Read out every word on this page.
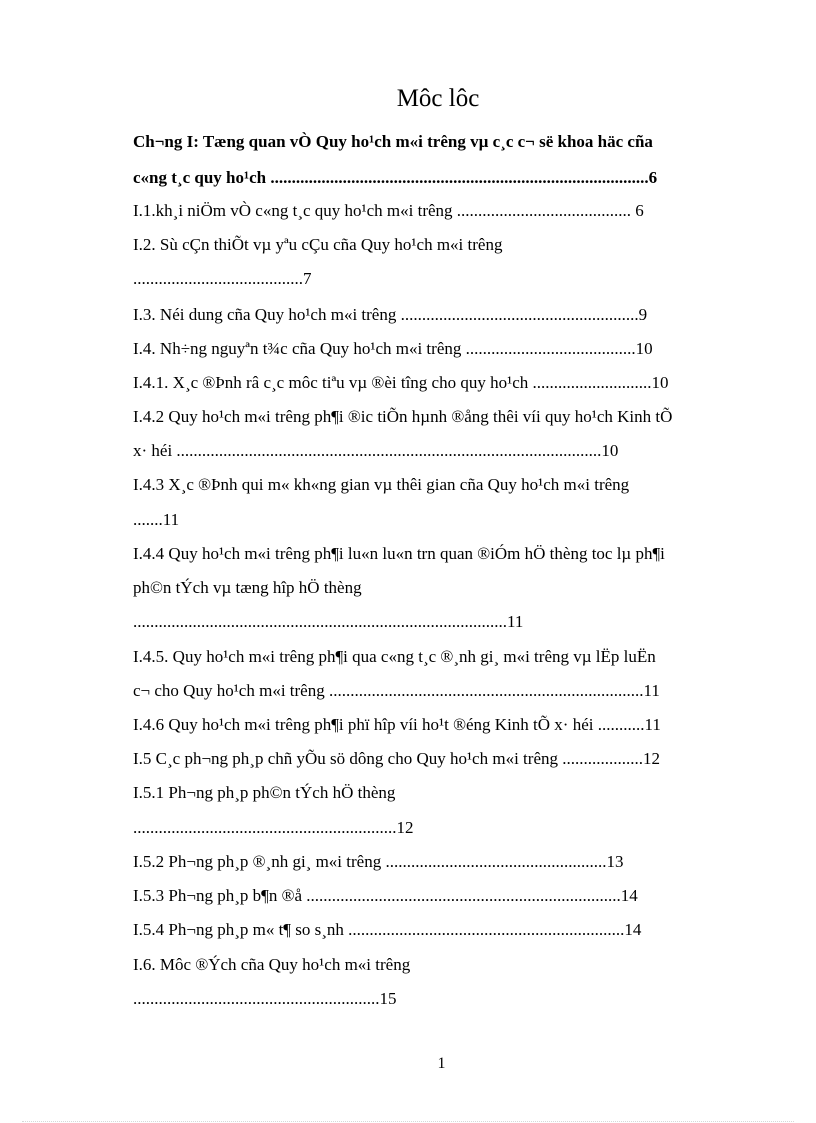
Môc lôc
Ch¬ng I: Tæng quan vÒ Quy ho¹ch m«i trêng vµ c¸c c¬ së khoa häc cña
c«ng t¸c quy ho¹ch .........................................................................................6
I.1.kh¸i niÖm vÒ c«ng t¸c quy ho¹ch m«i trêng ......................................... 6
I.2. Sù cÇn thiÕt vµ yªu cÇu cña Quy ho¹ch m«i trêng
........................................7
I.3. Néi dung cña Quy ho¹ch m«i trêng ........................................................9
I.4. Nh÷ng nguyªn t¾c cña Quy ho¹ch m«i trêng ........................................10
I.4.1. X¸c ®Þnh râ c¸c môc tiªu vµ ®èi tîng cho quy ho¹ch ............................10
I.4.2 Quy ho¹ch m«i trêng ph¶i ®ic tiÕn hµnh ®ång thêi víi quy ho¹ch Kinh tÕ
x· héi ....................................................................................................10
I.4.3 X¸c ®Þnh qui m« kh«ng gian vµ thêi gian cña Quy ho¹ch m«i trêng
.......11
I.4.4 Quy ho¹ch m«i trêng ph¶i lu«n lu«n trn quan ®iÓm hÖ thèng toc lµ ph¶i
ph©n tÝch vµ tæng hîp hÖ thèng
........................................................................................11
I.4.5. Quy ho¹ch m«i trêng ph¶i qua c«ng t¸c ®¸nh gi¸ m«i trêng vµ lËp luËn
c¬ cho Quy ho¹ch m«i trêng ..........................................................................11
I.4.6 Quy ho¹ch m«i trêng ph¶i phï hîp víi ho¹t ®éng Kinh tÕ x· héi ...........11
I.5 C¸c ph¬ng ph¸p chñ yÕu sö dông cho Quy ho¹ch m«i trêng ...................12
I.5.1 Ph¬ng ph¸p ph©n tÝch hÖ thèng
..............................................................12
I.5.2 Ph¬ng ph¸p ®¸nh gi¸ m«i trêng ....................................................13
I.5.3 Ph¬ng ph¸p b¶n ®å ..........................................................................14
I.5.4 Ph¬ng ph¸p m« t¶ so s¸nh .................................................................14
I.6. Môc ®Ých cña Quy ho¹ch m«i trêng
..........................................................15
1
